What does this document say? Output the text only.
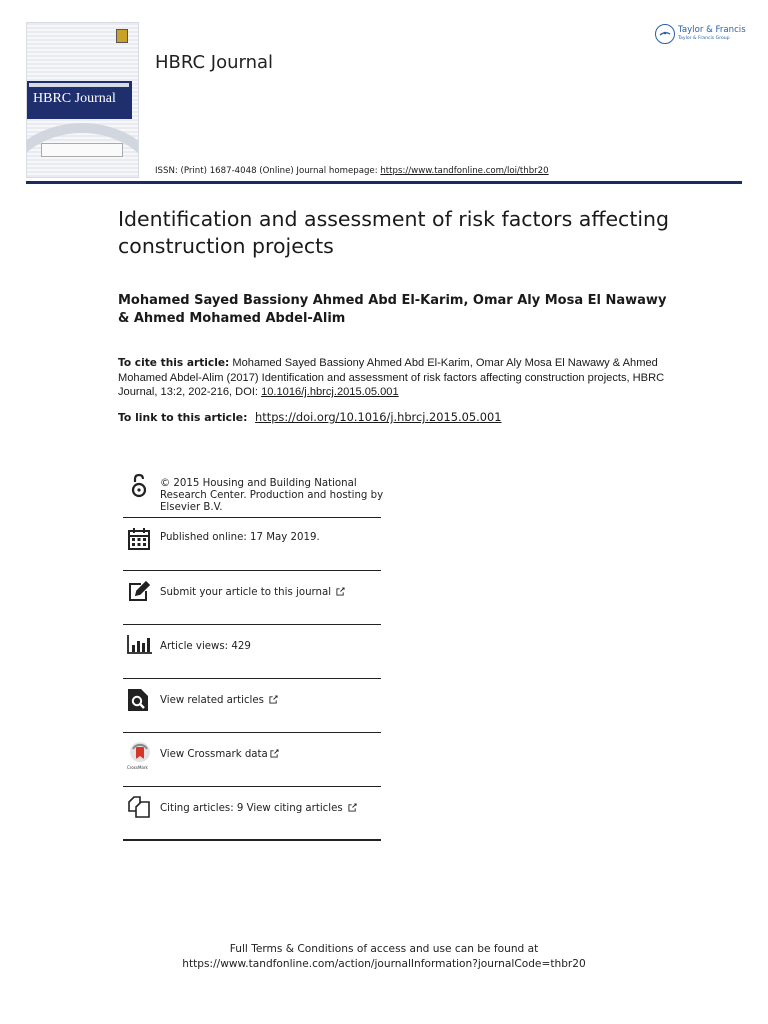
HBRC Journal
HBRC Journal
Taylor & Francis
Taylor & Francis Group
ISSN: (Print) 1687-4048 (Online) Journal homepage: https://www.tandfonline.com/loi/thbr20
Identification and assessment of risk factors affecting construction projects
Mohamed Sayed Bassiony Ahmed Abd El-Karim, Omar Aly Mosa El Nawawy & Ahmed Mohamed Abdel-Alim
To cite this article: Mohamed Sayed Bassiony Ahmed Abd El-Karim, Omar Aly Mosa El Nawawy & Ahmed Mohamed Abdel-Alim (2017) Identification and assessment of risk factors affecting construction projects, HBRC Journal, 13:2, 202-216, DOI: 10.1016/j.hbrcj.2015.05.001
To link to this article: https://doi.org/10.1016/j.hbrcj.2015.05.001
© 2015 Housing and Building National Research Center. Production and hosting by Elsevier B.V.
Published online: 17 May 2019.
Submit your article to this journal
Article views: 429
View related articles
CrossMark
View Crossmark data
Citing articles: 9 View citing articles
Full Terms & Conditions of access and use can be found at
https://www.tandfonline.com/action/journalInformation?journalCode=thbr20
